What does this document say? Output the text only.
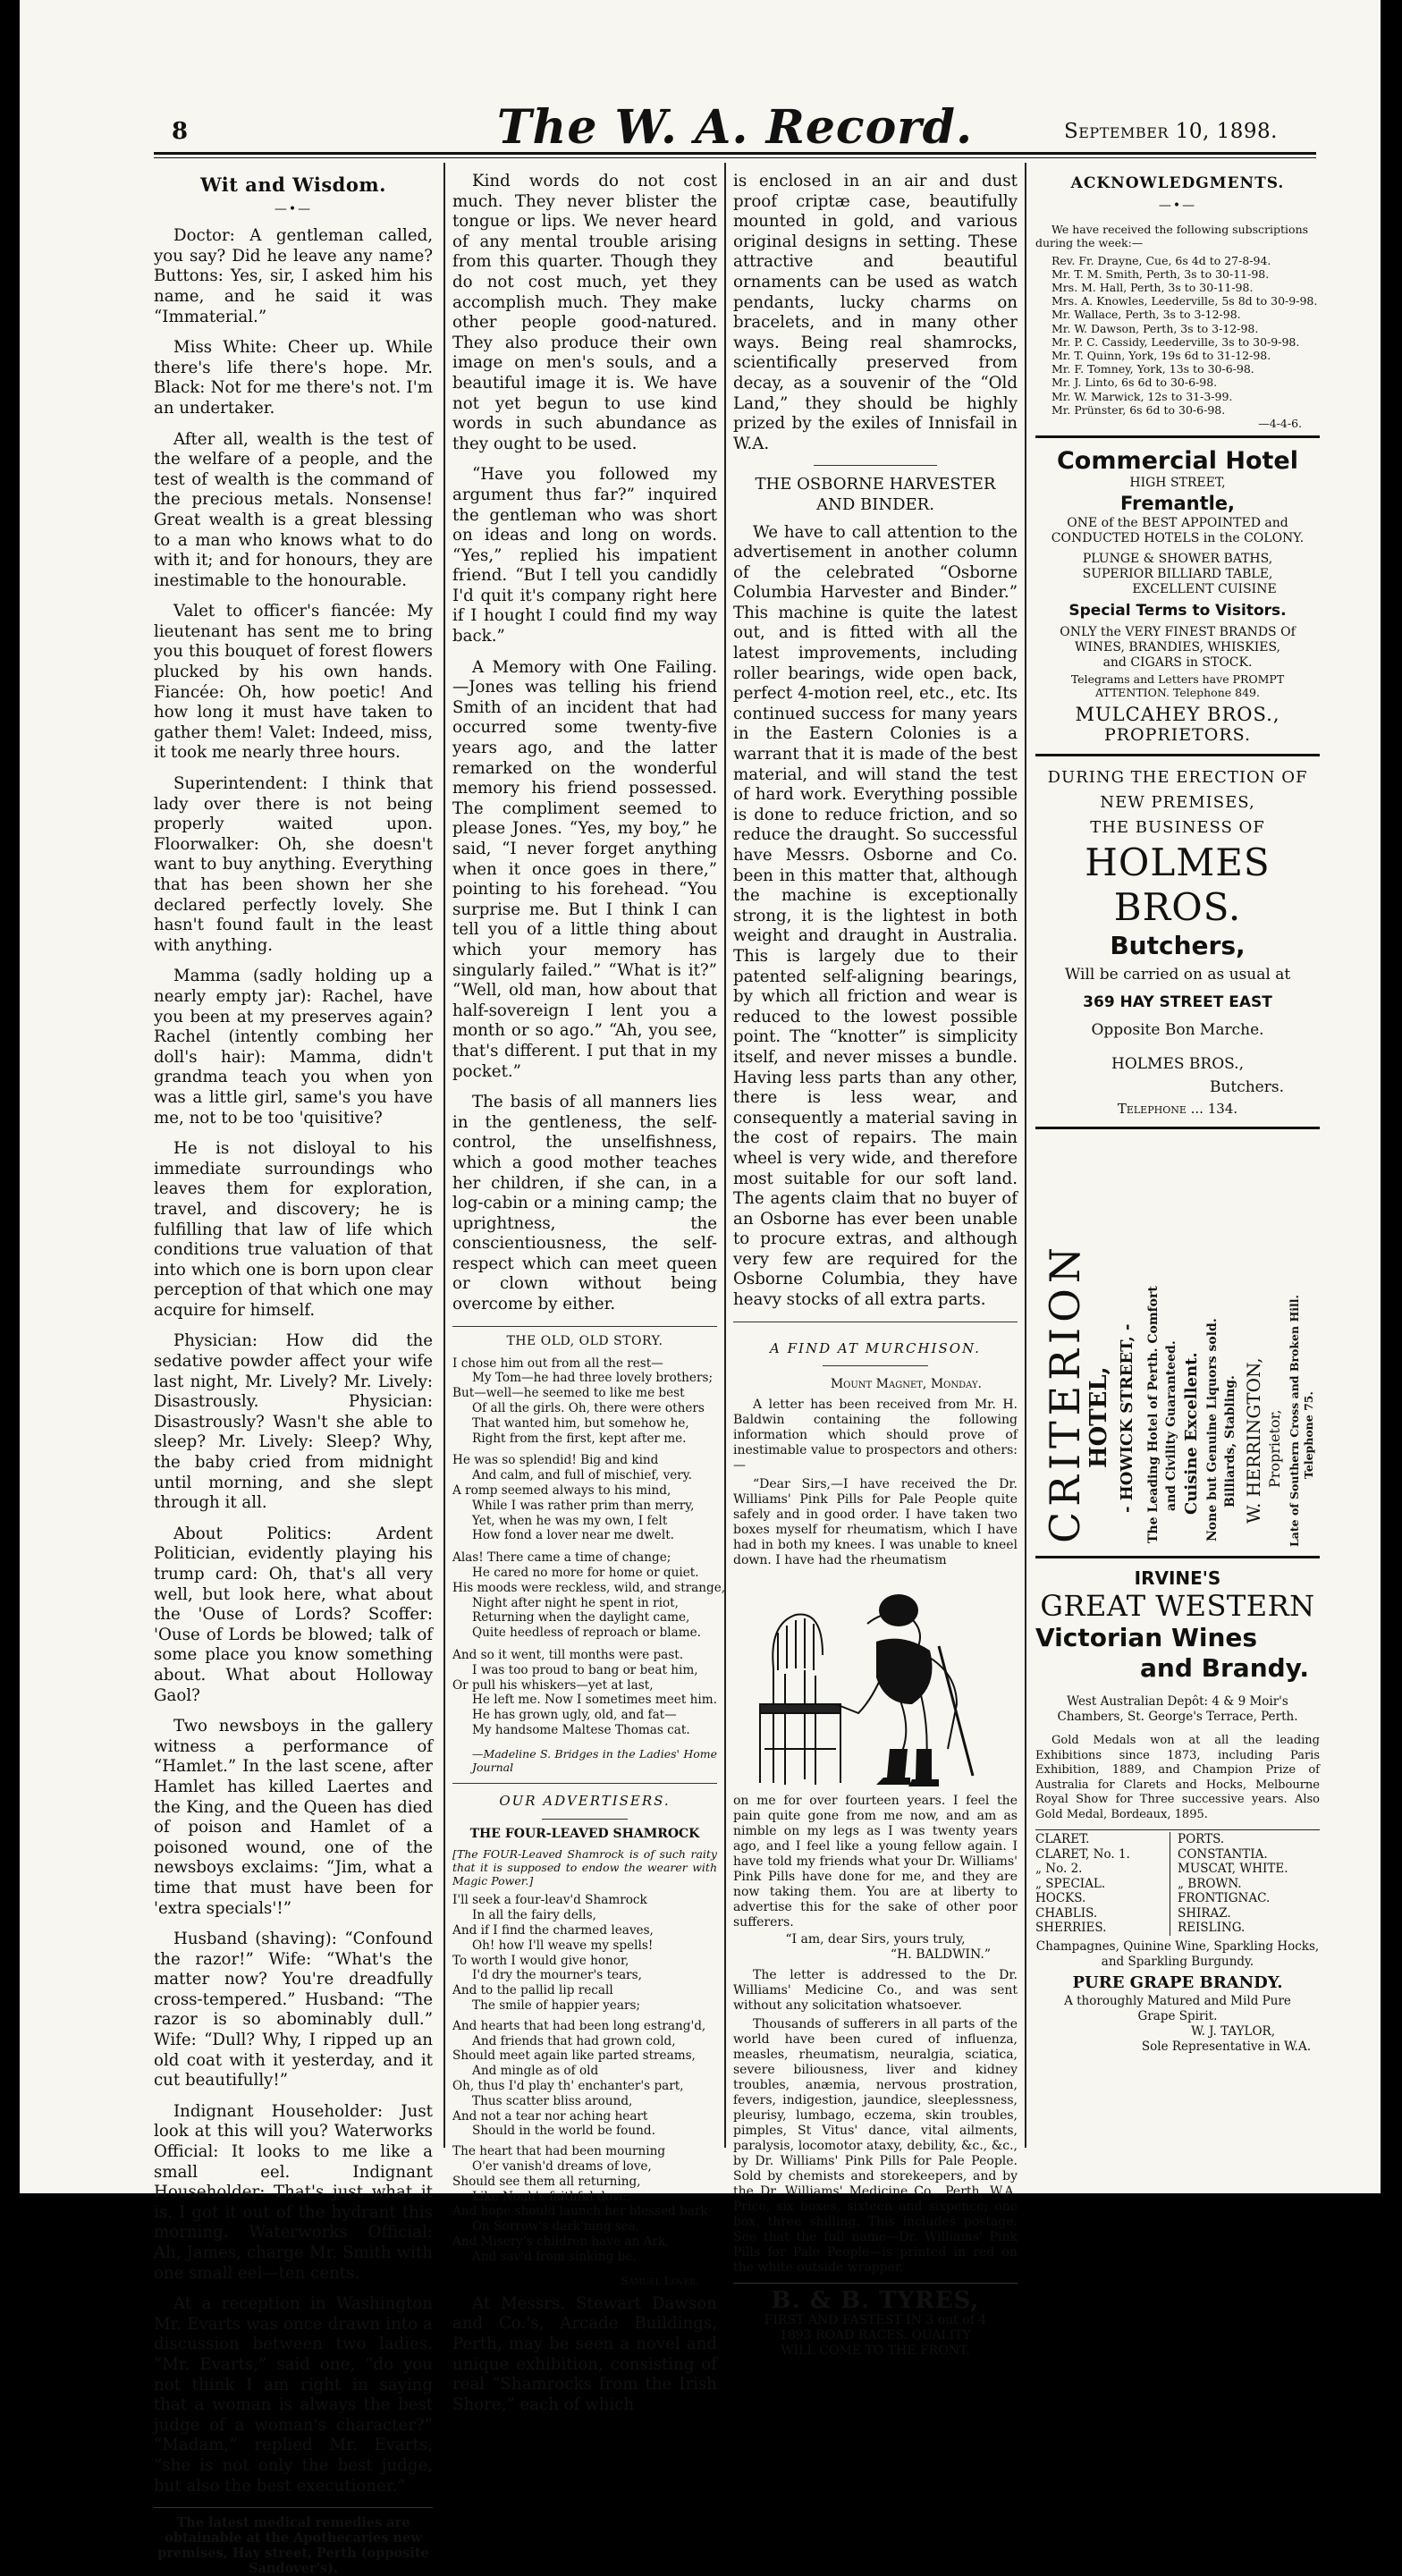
8	The W. A. Record.	September 10, 1898.
Wit and Wisdom.
—•—

Doctor: A gentleman called, you say? Did he leave any name? Buttons: Yes, sir, I asked him his name, and he said it was “Immaterial.”

Miss White: Cheer up. While there's life there's hope. Mr. Black: Not for me there's not. I'm an undertaker.

After all, wealth is the test of the welfare of a people, and the test of wealth is the command of the precious metals. Nonsense! Great wealth is a great blessing to a man who knows what to do with it; and for honours, they are inestimable to the honourable.

Valet to officer's fiancée: My lieutenant has sent me to bring you this bouquet of forest flowers plucked by his own hands. Fiancée: Oh, how poetic! And how long it must have taken to gather them! Valet: Indeed, miss, it took me nearly three hours.

Superintendent: I think that lady over there is not being properly waited upon. Floorwalker: Oh, she doesn't want to buy anything. Everything that has been shown her she declared perfectly lovely. She hasn't found fault in the least with anything.

Mamma (sadly holding up a nearly empty jar): Rachel, have you been at my preserves again? Rachel (intently combing her doll's hair): Mamma, didn't grandma teach you when yon was a little girl, same's you have me, not to be too 'quisitive?

He is not disloyal to his immediate surroundings who leaves them for exploration, travel, and discovery; he is fulfilling that law of life which conditions true valuation of that into which one is born upon clear perception of that which one may acquire for himself.

Physician: How did the sedative powder affect your wife last night, Mr. Lively? Mr. Lively: Disastrously. Physician: Disastrously? Wasn't she able to sleep? Mr. Lively: Sleep? Why, the baby cried from midnight until morning, and she slept through it all.

About Politics: Ardent Politician, evidently playing his trump card: Oh, that's all very well, but look here, what about the 'Ouse of Lords? Scoffer: 'Ouse of Lords be blowed; talk of some place you know something about. What about Holloway Gaol?

Two newsboys in the gallery witness a performance of “Hamlet.” In the last scene, after Hamlet has killed Laertes and the King, and the Queen has died of poison and Hamlet of a poisoned wound, one of the newsboys exclaims: “Jim, what a time that must have been for 'extra specials'!”

Husband (shaving): “Confound the razor!” Wife: “What's the matter now? You're dreadfully cross-tempered.” Husband: “The razor is so abominably dull.” Wife: “Dull? Why, I ripped up an old coat with it yesterday, and it cut beautifully!”

Indignant Householder: Just look at this will you? Waterworks Official: It looks to me like a small eel. Indignant Householder: That's just what it is. I got it out of the hydrant this morning. Waterworks Official: Ah, James, charge Mr. Smith with one small eel—ten cents.

At a reception in Washington Mr. Evarts was once drawn into a discussion between two ladies. “Mr. Evarts,” said one, “do you not think I am right in saying that a woman is always the best judge of a woman's character?” “Madam,” replied Mr. Evarts, “she is not only the best judge, but also the best executioner.”

The latest medical remedies are obtainable at the Apothecaries new premises, Hay street, Perth (opposite Sandover's).

Kind words do not cost much. They never blister the tongue or lips. We never heard of any mental trouble arising from this quarter. Though they do not cost much, yet they accomplish much. They make other people good-natured. They also produce their own image on men's souls, and a beautiful image it is. We have not yet begun to use kind words in such abundance as they ought to be used.

“Have you followed my argument thus far?” inquired the gentleman who was short on ideas and long on words. “Yes,” replied his impatient friend. “But I tell you candidly I'd quit it's company right here if I hought I could find my way back.”

A Memory with One Failing.—Jones was telling his friend Smith of an incident that had occurred some twenty-five years ago, and the latter remarked on the wonderful memory his friend possessed. The compliment seemed to please Jones. “Yes, my boy,” he said, “I never forget anything when it once goes in there,” pointing to his forehead. “You surprise me. But I think I can tell you of a little thing about which your memory has singularly failed.” “What is it?” “Well, old man, how about that half-sovereign I lent you a month or so ago.” “Ah, you see, that's different. I put that in my pocket.”

The basis of all manners lies in the gentleness, the self-control, the unselfishness, which a good mother teaches her children, if she can, in a log-cabin or a mining camp; the uprightness, the conscientiousness, the self-respect which can meet queen or clown without being overcome by either.

THE OLD, OLD STORY.
I chose him out from all the rest—
My Tom—he had three lovely brothers;
But—well—he seemed to like me best
Of all the girls. Oh, there were others
That wanted him, but somehow he,
Right from the first, kept after me.
He was so splendid! Big and kind
And calm, and full of mischief, very.
A romp seemed always to his mind,
While I was rather prim than merry,
Yet, when he was my own, I felt
How fond a lover near me dwelt.
Alas! There came a time of change;
He cared no more for home or quiet.
His moods were reckless, wild, and strange,
Night after night he spent in riot,
Returning when the daylight came,
Quite heedless of reproach or blame.
And so it went, till months were past.
I was too proud to bang or beat him,
Or pull his whiskers—yet at last,
He left me. Now I sometimes meet him.
He has grown ugly, old, and fat—
My handsome Maltese Thomas cat.
—Madeline S. Bridges in the Ladies' Home Journal
OUR ADVERTISERS.
THE FOUR-LEAVED SHAMROCK
[The FOUR-Leaved Shamrock is of such raity that it is supposed to endow the wearer with Magic Power.]
I'll seek a four-leav'd Shamrock
In all the fairy dells,
And if I find the charmed leaves,
Oh! how I'll weave my spells!
To worth I would give honor,
I'd dry the mourner's tears,
And to the pallid lip recall
The smile of happier years;
And hearts that had been long estrang'd,
And friends that had grown cold,
Should meet again like parted streams,
And mingle as of old
Oh, thus I'd play th' enchanter's part,
Thus scatter bliss around,
And not a tear nor aching heart
Should in the world be found.
The heart that had been mourning
O'er vanish'd dreams of love,
Should see them all returning,
Like Noah's faithful dove;
And hope should launch her blessed bark
On Sorrow's dark'ning sea,
And Misery's children have an Ark,
And sav'd from sinking be.
Samuel Lover.

At Messrs. Stewart Dawson and Co.'s, Arcade Buildings, Perth, may be seen a novel and unique exhibition, consisting of real “Shamrocks from the Irish Shore,” each of which

is enclosed in an air and dust proof criptæ case, beautifully mounted in gold, and various original designs in setting. These attractive and beautiful ornaments can be used as watch pendants, lucky charms on bracelets, and in many other ways. Being real shamrocks, scientifically preserved from decay, as a souvenir of the “Old Land,” they should be highly prized by the exiles of Innisfail in W.A.

THE OSBORNE HARVESTER AND BINDER.

We have to call attention to the advertisement in another column of the celebrated “Osborne Columbia Harvester and Binder.” This machine is quite the latest out, and is fitted with all the latest improvements, including roller bearings, wide open back, perfect 4-motion reel, etc., etc. Its continued success for many years in the Eastern Colonies is a warrant that it is made of the best material, and will stand the test of hard work. Everything possible is done to reduce friction, and so reduce the draught. So successful have Messrs. Osborne and Co. been in this matter that, although the machine is exceptionally strong, it is the lightest in both weight and draught in Australia. This is largely due to their patented self-aligning bearings, by which all friction and wear is reduced to the lowest possible point. The “knotter” is simplicity itself, and never misses a bundle. Having less parts than any other, there is less wear, and consequently a material saving in the cost of repairs. The main wheel is very wide, and therefore most suitable for our soft land. The agents claim that no buyer of an Osborne has ever been unable to procure extras, and although very few are required for the Osborne Columbia, they have heavy stocks of all extra parts.

A FIND AT MURCHISON.
Mount Magnet, Monday.

A letter has been received from Mr. H. Baldwin containing the following information which should prove of inestimable value to prospectors and others:—

“Dear Sirs,—I have received the Dr. Williams' Pink Pills for Pale People quite safely and in good order. I have taken two boxes myself for rheumatism, which I have had in both my knees. I was unable to kneel down. I have had the rheumatism

on me for over fourteen years. I feel the pain quite gone from me now, and am as nimble on my legs as I was twenty years ago, and I feel like a young fellow again. I have told my friends what your Dr. Williams' Pink Pills have done for me, and they are now taking them. You are at liberty to advertise this for the sake of other poor sufferers.

“I am, dear Sirs, yours truly,
“H. BALDWIN.”

The letter is addressed to the Dr. Williams' Medicine Co., and was sent without any solicitation whatsoever.

Thousands of sufferers in all parts of the world have been cured of influenza, measles, rheumatism, neuralgia, sciatica, severe biliousness, liver and kidney troubles, anæmia, nervous prostration, fevers, indigestion, jaundice, sleeplessness, pleurisy, lumbago, eczema, skin troubles, pimples, St Vitus' dance, vital ailments, paralysis, locomotor ataxy, debility, &c., &c., by Dr. Williams' Pink Pills for Pale People. Sold by chemists and storekeepers, and by the Dr. Williams' Medicine Co., Perth, W.A. Price, six boxes, sixteen and sixpence; one box, three shilling. This includes postage. See that the full name—Dr. Williams' Pink Pills for Pale People—is printed in red on the white outside wrapper.

B. & B. TYRES,
FIRST AND FASTEST IN 3 out of 4
1893 ROAD RACES. QUALITY
WILL COME TO THE FRONT.
ACKNOWLEDGMENTS.
—•—
We have received the following subscriptions during the week:—
Rev. Fr. Drayne, Cue, 6s 4d to 27-8-94.
Mr. T. M. Smith, Perth, 3s to 30-11-98.
Mrs. M. Hall, Perth, 3s to 30-11-98.
Mrs. A. Knowles, Leederville, 5s 8d to 30-9-98.
Mr. Wallace, Perth, 3s to 3-12-98.
Mr. W. Dawson, Perth, 3s to 3-12-98.
Mr. P. C. Cassidy, Leederville, 3s to 30-9-98.
Mr. T. Quinn, York, 19s 6d to 31-12-98.
Mr. F. Tomney, York, 13s to 30-6-98.
Mr. J. Linto, 6s 6d to 30-6-98.
Mr. W. Marwick, 12s to 31-3-99.
Mr. Prünster, 6s 6d to 30-6-98.
—4-4-6.
Commercial Hotel
HIGH STREET,
Fremantle,
ONE of the BEST APPOINTED and CONDUCTED HOTELS in the COLONY.
PLUNGE & SHOWER BATHS,
SUPERIOR BILLIARD TABLE,
EXCELLENT CUISINE
Special Terms to Visitors.
ONLY the VERY FINEST BRANDS Of
WINES, BRANDIES, WHISKIES,
and CIGARS in STOCK.
Telegrams and Letters have PROMPT ATTENTION. Telephone 849.
MULCAHEY BROS.,
PROPRIETORS.
DURING THE ERECTION OF
NEW PREMISES,
THE BUSINESS OF
HOLMES BROS.
Butchers,
Will be carried on as usual at
369 HAY STREET EAST
Opposite Bon Marche.
HOLMES BROS.,
Butchers.
Telephone ... 134.
CRITERION
HOTEL, - HOWICK STREET, - The Leading Hotel of Perth. Comfort and Civility Guaranteed. Cuisine Excellent. None but Genuine Liquors sold. Billiards, Stabling. W. HERRINGTON, Proprietor, Late of Southern Cross and Broken Hill. Telephone 75.
IRVINE'S
GREAT WESTERN
Victorian Wines
and Brandy.
West Australian Depôt: 4 & 9 Moir's Chambers, St. George's Terrace, Perth.
Gold Medals won at all the leading Exhibitions since 1873, including Paris Exhibition, 1889, and Champion Prize of Australia for Clarets and Hocks, Melbourne Royal Show for Three successive years. Also Gold Medal, Bordeaux, 1895.
CLARET.
CLARET, No. 1.
„ No. 2.
„ SPECIAL.
HOCKS.
CHABLIS.
SHERRIES.
PORTS.
CONSTANTIA.
MUSCAT, WHITE.
„ BROWN.
FRONTIGNAC.
SHIRAZ.
REISLING.
Champagnes, Quinine Wine, Sparkling Hocks, and Sparkling Burgundy.
PURE GRAPE BRANDY.
A thoroughly Matured and Mild Pure Grape Spirit.
W. J. TAYLOR,
Sole Representative in W.A.
